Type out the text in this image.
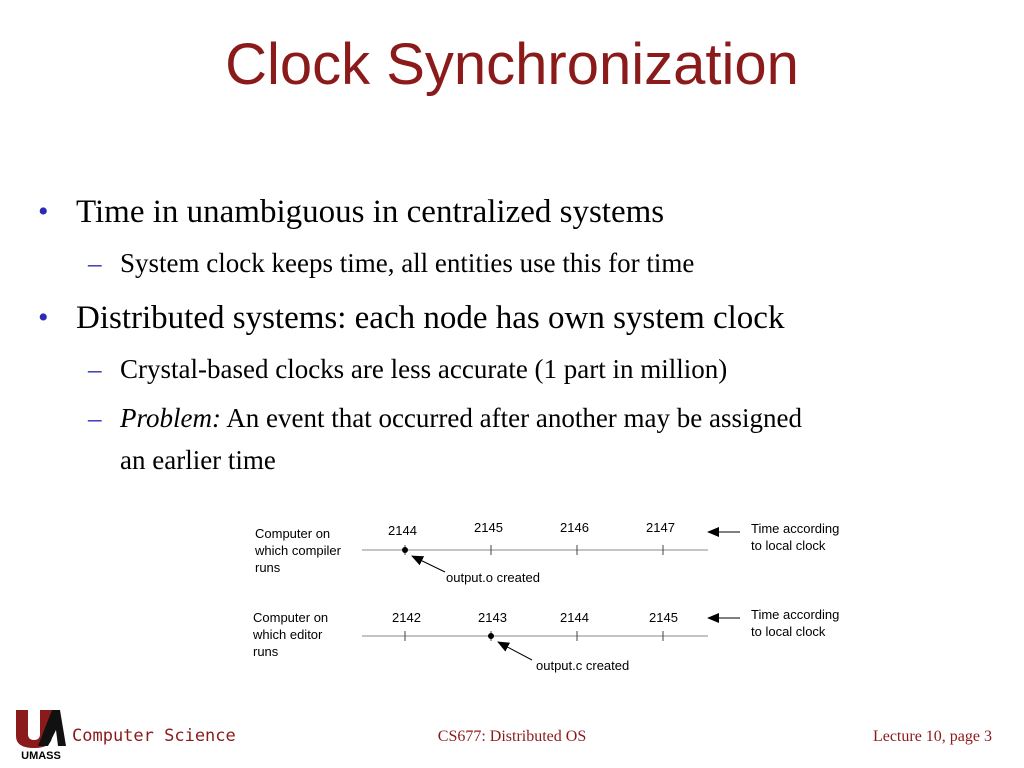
Clock Synchronization
• Time in unambiguous in centralized systems
– System clock keeps time, all entities use this for time
• Distributed systems: each node has own system clock
– Crystal-based clocks are less accurate (1 part in million)
– Problem: An event that occurred after another may be assigned
an earlier time
Computer on
which compiler
runs
2144	2145	2146	2147
output.o created
Time according
to local clock
Computer on
which editor
runs
2142	2143	2144	2145
output.c created
Time according
to local clock
UMASS
Computer Science	CS677: Distributed OS	Lecture 10, page 3
